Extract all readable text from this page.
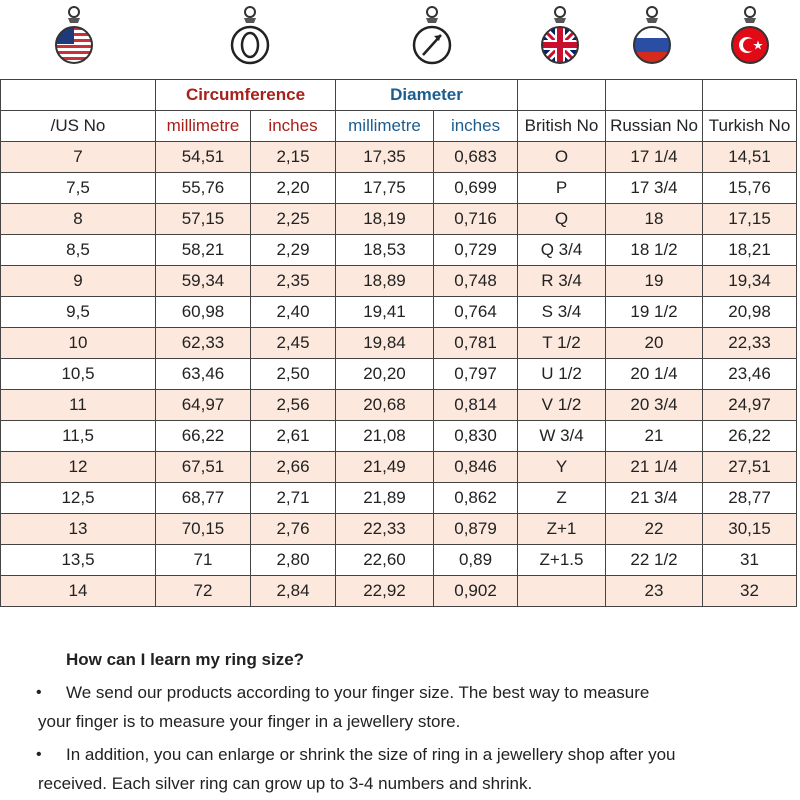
	Circumference		Diameter				
/US No	millimetre	inches	millimetre	inches	British No	Russian No	Turkish No
7	54,51	2,15	17,35	0,683	O	17 1/4	14,51
7,5	55,76	2,20	17,75	0,699	P	17 3/4	15,76
8	57,15	2,25	18,19	0,716	Q	18	17,15
8,5	58,21	2,29	18,53	0,729	Q 3/4	18 1/2	18,21
9	59,34	2,35	18,89	0,748	R 3/4	19	19,34
9,5	60,98	2,40	19,41	0,764	S 3/4	19 1/2	20,98
10	62,33	2,45	19,84	0,781	T 1/2	20	22,33
10,5	63,46	2,50	20,20	0,797	U 1/2	20 1/4	23,46
11	64,97	2,56	20,68	0,814	V 1/2	20 3/4	24,97
11,5	66,22	2,61	21,08	0,830	W 3/4	21	26,22
12	67,51	2,66	21,49	0,846	Y	21 1/4	27,51
12,5	68,77	2,71	21,89	0,862	Z	21 3/4	28,77
13	70,15	2,76	22,33	0,879	Z+1	22	30,15
13,5	71	2,80	22,60	0,89	Z+1.5	22 1/2	31
14	72	2,84	22,92	0,902		23	32
How can I learn my ring size?
• We send our products according to your finger size. The best way to measure
your finger is to measure your finger in a jewellery store.
• In addition, you can enlarge or shrink the size of ring in a jewellery shop after you
received. Each silver ring can grow up to 3-4 numbers and shrink.
